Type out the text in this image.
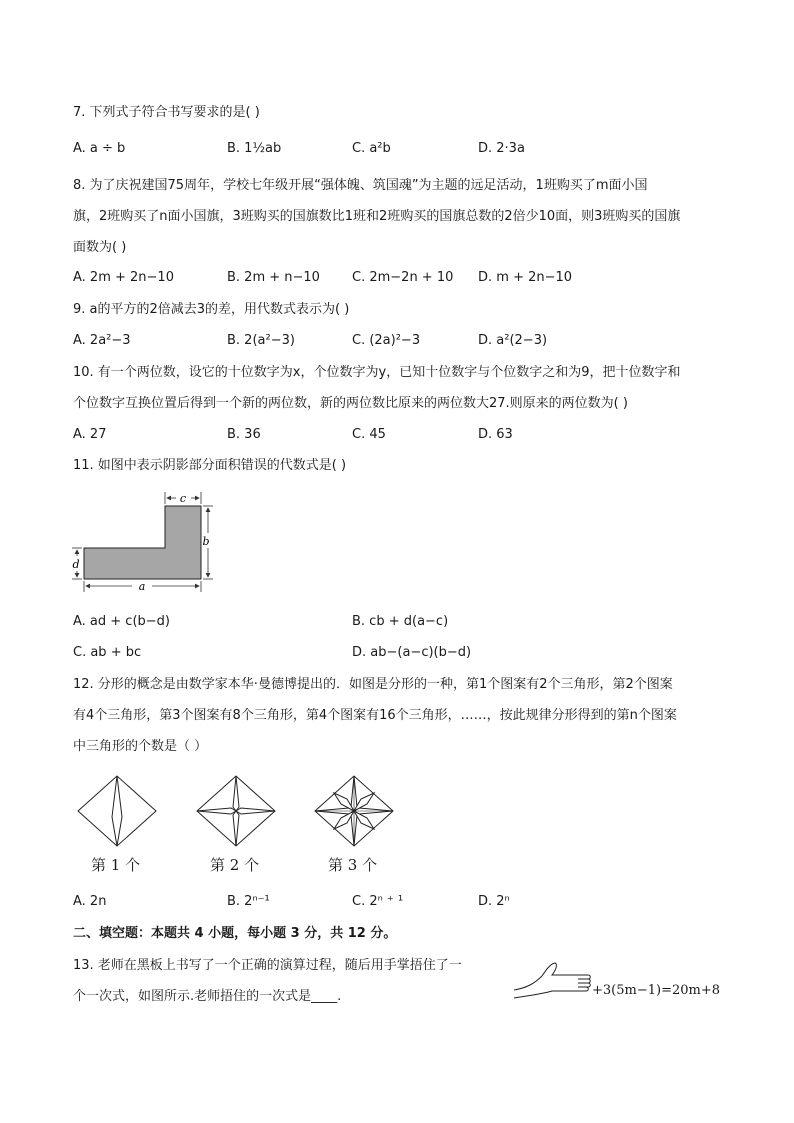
7. 下列式子符合书写要求的是( )
A. a ÷ b	B. 1½ab	C. a²b	D. 2·3a
8. 为了庆祝建国75周年，学校七年级开展“强体魄、筑国魂”为主题的远足活动，1班购买了m面小国
旗，2班购买了n面小国旗，3班购买的国旗数比1班和2班购买的国旗总数的2倍少10面，则3班购买的国旗
面数为( )
A. 2m + 2n−10	B. 2m + n−10 C. 2m−2n + 10 D. m + 2n−10
9. a的平方的2倍减去3的差，用代数式表示为( )
A. 2a²−3	B. 2(a²−3)	C. (2a)²−3	D. a²(2−3)
10. 有一个两位数，设它的十位数字为x，个位数字为y，已知十位数字与个位数字之和为9，把十位数字和
个位数字互换位置后得到一个新的两位数，新的两位数比原来的两位数大27.则原来的两位数为( )
A. 27	B. 36	C. 45	D. 63
11. 如图中表示阴影部分面积错误的代数式是( )
c
b
d
a
A. ad + c(b−d)	B. cb + d(a−c)
C. ab + bc	D. ab−(a−c)(b−d)
12. 分形的概念是由数学家本华·曼德博提出的．如图是分形的一种，第1个图案有2个三角形，第2个图案
有4个三角形，第3个图案有8个三角形，第4个图案有16个三角形，……，按此规律分形得到的第n个图案
中三角形的个数是（ ）
第 1 个	第 2 个	第 3 个
A. 2n	B. 2ⁿ⁻¹	C. 2ⁿ ⁺ ¹	D. 2ⁿ
二、填空题：本题共 4 小题，每小题 3 分，共 12 分。
13. 老师在黑板上书写了一个正确的演算过程，随后用手掌捂住了一
个一次式，如图所示.老师捂住的一次式是____.	+3(5m−1)=20m+8
